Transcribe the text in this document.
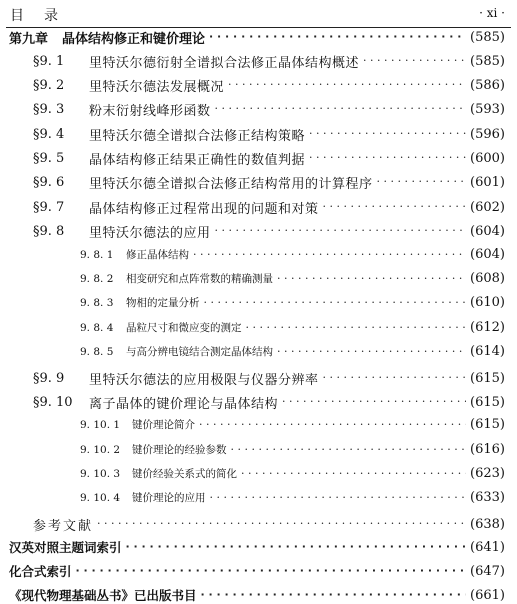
目 录	· xi ·
第九章 晶体结构修正和键价理论 · · ·	(585)
§9. 1	里特沃尔德衍射全谱拟合法修正晶体结构概述 · · ·	(585)
§9. 2	里特沃尔德法发展概况 · · ·	(586)
§9. 3	粉末衍射线峰形函数 · · ·	(593)
§9. 4	里特沃尔德全谱拟合法修正结构策略 · · ·	(596)
§9. 5	晶体结构修正结果正确性的数值判据 · · ·	(600)
§9. 6	里特沃尔德全谱拟合法修正结构常用的计算程序 · · ·	(601)
§9. 7	晶体结构修正过程常出现的问题和对策 · · ·	(602)
§9. 8	里特沃尔德法的应用 · · ·	(604)
9. 8. 1	修正晶体结构 · · ·	(604)
9. 8. 2	相变研究和点阵常数的精确测量 · · ·	(608)
9. 8. 3	物相的定量分析 · · ·	(610)
9. 8. 4	晶粒尺寸和微应变的测定 · · ·	(612)
9. 8. 5	与高分辨电镜结合测定晶体结构 · · ·	(614)
§9. 9	里特沃尔德法的应用极限与仪器分辨率 · · ·	(615)
§9. 10	离子晶体的键价理论与晶体结构 · · ·	(615)
9. 10. 1	键价理论简介 · · ·	(615)
9. 10. 2	键价理论的经验参数 · · ·	(616)
9. 10. 3	键价经验关系式的简化 · · ·	(623)
9. 10. 4	键价理论的应用 · · ·	(633)
参考文献 · · ·	(638)
汉英对照主题词索引 · · ·	(641)
化合式索引 · · ·	(647)
《现代物理基础丛书》已出版书目 · · ·	(661)
